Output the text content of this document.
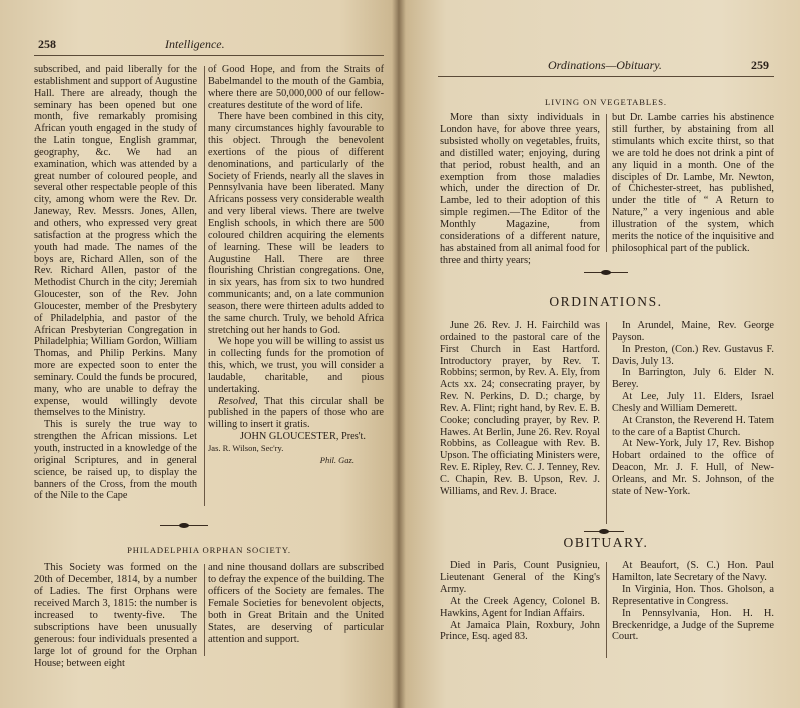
258	Intelligence.

subscribed, and paid liberally for the establishment and support of Augustine Hall. There are already, though the seminary has been opened but one month, five remarkably promising African youth engaged in the study of the Latin tongue, English grammar, geography, &c. We had an examination, which was attended by a great number of coloured people, and several other respectable people of this city, among whom were the Rev. Dr. Janeway, Rev. Messrs. Jones, Allen, and others, who expressed very great satisfaction at the progress which the youth had made. The names of the boys are, Richard Allen, son of the Rev. Richard Allen, pastor of the Methodist Church in the city; Jeremiah Gloucester, son of the Rev. John Gloucester, member of the Presbytery of Philadelphia, and pastor of the African Presbyterian Congregation in Philadelphia; William Gordon, William Thomas, and Philip Perkins. Many more are expected soon to enter the seminary. Could the funds be procured, many, who are unable to defray the expense, would willingly devote themselves to the Ministry.

This is surely the true way to strengthen the African missions. Let youth, instructed in a knowledge of the original Scriptures, and in general science, be raised up, to display the banners of the Cross, from the mouth of the Nile to the Cape

of Good Hope, and from the Straits of Babelmandel to the mouth of the Gambia, where there are 50,000,000 of our fellow-creatures destitute of the word of life.

There have been combined in this city, many circumstances highly favourable to this object. Through the benevolent exertions of the pious of different denominations, and particularly of the Society of Friends, nearly all the slaves in Pennsylvania have been liberated. Many Africans possess very considerable wealth and very liberal views. There are twelve English schools, in which there are 500 coloured children acquiring the elements of learning. These will be leaders to Augustine Hall. There are three flourishing Christian congregations. One, in six years, has from six to two hundred communicants; and, on a late communion season, there were thirteen adults added to the same church. Truly, we behold Africa stretching out her hands to God.

We hope you will be willing to assist us in collecting funds for the promotion of this, which, we trust, you will consider a laudable, charitable, and pious undertaking.

Resolved, That this circular shall be published in the papers of those who are willing to insert it gratis.

JOHN GLOUCESTER, Pres't.

Jas. R. Wilson, Sec'ry.

Phil. Gaz.

PHILADELPHIA ORPHAN SOCIETY.

This Society was formed on the 20th of December, 1814, by a number of Ladies. The first Orphans were received March 3, 1815: the number is increased to twenty-five. The subscriptions have been unusually generous: four individuals presented a large lot of ground for the Orphan House; between eight

and nine thousand dollars are subscribed to defray the expence of the building. The officers of the Society are females. The Female Societies for benevolent objects, both in Great Britain and the United States, are deserving of particular attention and support.

Ordinations—Obituary.	259
LIVING ON VEGETABLES.

More than sixty individuals in London have, for above three years, subsisted wholly on vegetables, fruits, and distilled water; enjoying, during that period, robust health, and an exemption from those maladies which, under the direction of Dr. Lambe, led to their adoption of this simple regimen.—The Editor of the Monthly Magazine, from considerations of a different nature, has abstained from all animal food for three and thirty years;

but Dr. Lambe carries his abstinence still further, by abstaining from all stimulants which excite thirst, so that we are told he does not drink a pint of any liquid in a month. One of the disciples of Dr. Lambe, Mr. Newton, of Chichester-street, has published, under the title of “ A Return to Nature,” a very ingenious and able illustration of the system, which merits the notice of the inquisitive and philosophical part of the publick.

ORDINATIONS.

June 26. Rev. J. H. Fairchild was ordained to the pastoral care of the First Church in East Hartford. Introductory prayer, by Rev. T. Robbins; sermon, by Rev. A. Ely, from Acts xx. 24; consecrating prayer, by Rev. N. Perkins, D. D.; charge, by Rev. A. Flint; right hand, by Rev. E. B. Cooke; concluding prayer, by Rev. P. Hawes. At Berlin, June 26. Rev. Royal Robbins, as Colleague with Rev. B. Upson. The officiating Ministers were, Rev. E. Ripley, Rev. C. J. Tenney, Rev. C. Chapin, Rev. B. Upson, Rev. J. Williams, and Rev. J. Brace.

In Arundel, Maine, Rev. George Payson.

In Preston, (Con.) Rev. Gustavus F. Davis, July 13.

In Barrington, July 6. Elder N. Berey.

At Lee, July 11. Elders, Israel Chesly and William Demerett.

At Cranston, the Reverend H. Tatem to the care of a Baptist Church.

At New-York, July 17, Rev. Bishop Hobart ordained to the office of Deacon, Mr. J. F. Hull, of New-Orleans, and Mr. S. Johnson, of the state of New-York.

OBITUARY.

Died in Paris, Count Pusignieu, Lieutenant General of the King's Army.

At the Creek Agency, Colonel B. Hawkins, Agent for Indian Affairs.

At Jamaica Plain, Roxbury, John Prince, Esq. aged 83.

At Beaufort, (S. C.) Hon. Paul Hamilton, late Secretary of the Navy.

In Virginia, Hon. Thos. Gholson, a Representative in Congress.

In Pennsylvania, Hon. H. H. Breckenridge, a Judge of the Supreme Court.
